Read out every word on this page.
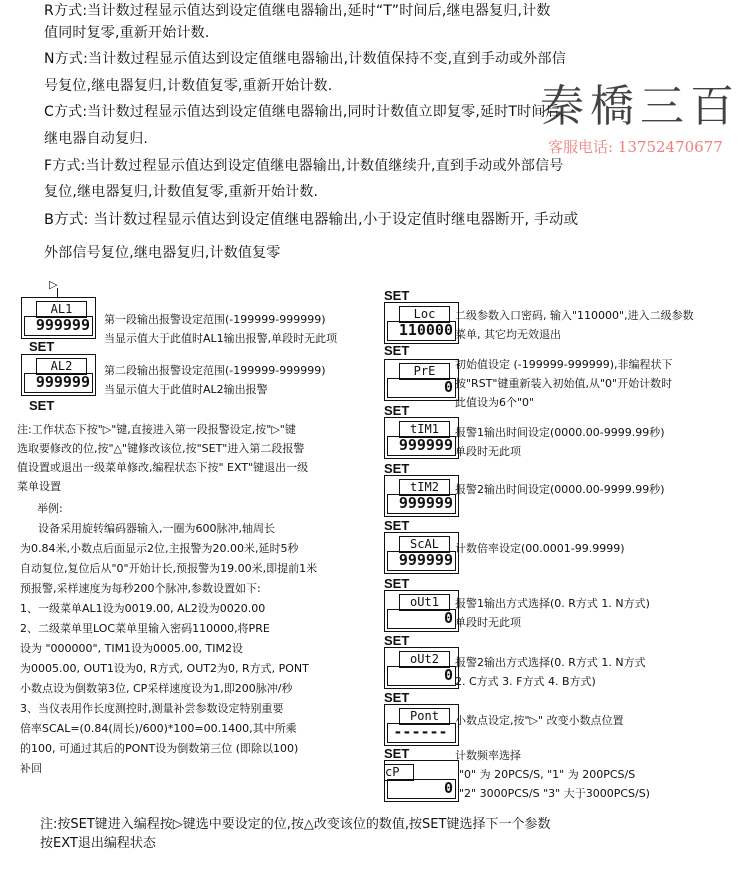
R方式:当计数过程显示值达到设定值继电器输出,延时“T”时间后,继电器复归,计数
值同时复零,重新开始计数.
N方式:当计数过程显示值达到设定值继电器输出,计数值保持不变,直到手动或外部信
号复位,继电器复归,计数值复零,重新开始计数.
C方式:当计数过程显示值达到设定值继电器输出,同时计数值立即复零,延时T时间后,
继电器自动复归.
F方式:当计数过程显示值达到设定值继电器输出,计数值继续升,直到手动或外部信号
复位,继电器复归,计数值复零,重新开始计数.
B方式: 当计数过程显示值达到设定值继电器输出,小于设定值时继电器断开, 手动或
外部信号复位,继电器复归,计数值复零
秦橋三百
客服电话: 13752470677
▷
AL1
999999 第一段输出报警设定范围(-199999-999999)
当显示值大于此值时AL1输出报警,单段时无此项
SET
AL2
999999
第二段输出报警设定范围(-199999-999999)
当显示值大于此值时AL2输出报警
SET
注:工作状态下按"▷"键,直接进入第一段报警设定,按"▷"键
选取要修改的位,按"△"键修改该位,按"SET"进入第二段报警
值设置或退出一级菜单修改,编程状态下按" EXT"键退出一级
菜单设置
举例:
设备采用旋转编码器输入,一圈为600脉冲,轴周长
为0.84米,小数点后面显示2位,主报警为20.00米,延时5秒
自动复位,复位后从"0"开始计长,预报警为19.00米,即提前1米
预报警,采样速度为每秒200个脉冲,参数设置如下:
1、一级菜单AL1设为0019.00, AL2设为0020.00
2、二级菜单里LOC菜单里输入密码110000,将PRE
设为 "000000", TIM1设为0005.00, TIM2设
为0005.00, OUT1设为0, R方式, OUT2为0, R方式, PONT
小数点设为倒数第3位, CP采样速度设为1,即200脉冲/秒
3、当仪表用作长度测控时,测量补尝参数设定特别重要
倍率SCAL=(0.84(周长)/600)*100=00.1400,其中所乘
的100, 可通过其后的PONT设为倒数第三位 (即除以100)
补回
SET
Loc
110000
二级参数入口密码, 输入"110000",进入二级参数
菜单, 其它均无效退出
SET
PrE
0
初始值设定 (-199999-999999),非编程状下
按"RST"键重新装入初始值,从"0"开始计数时
此值设为6个"0"
SET
tIM1
999999
报警1输出时间设定(0000.00-9999.99秒)
单段时无此项
SET
tIM2
999999
报警2输出时间设定(0000.00-9999.99秒)
SET
ScAL
999999
计数倍率设定(00.0001-99.9999)
SET
oUt1
0
报警1输出方式选择(0. R方式 1. N方式)
单段时无此项
SET
oUt2
0
报警2输出方式选择(0. R方式 1. N方式
2. C方式 3. F方式 4. B方式)
SET
Pont
------
小数点设定,按"▷" 改变小数点位置
SET
cP
0
计数频率选择
"0" 为 20PCS/S, "1" 为 200PCS/S
"2" 3000PCS/S "3" 大于3000PCS/S)
注:按SET键进入编程按▷键选中要设定的位,按△改变该位的数值,按SET键选择下一个参数
按EXT退出编程状态
